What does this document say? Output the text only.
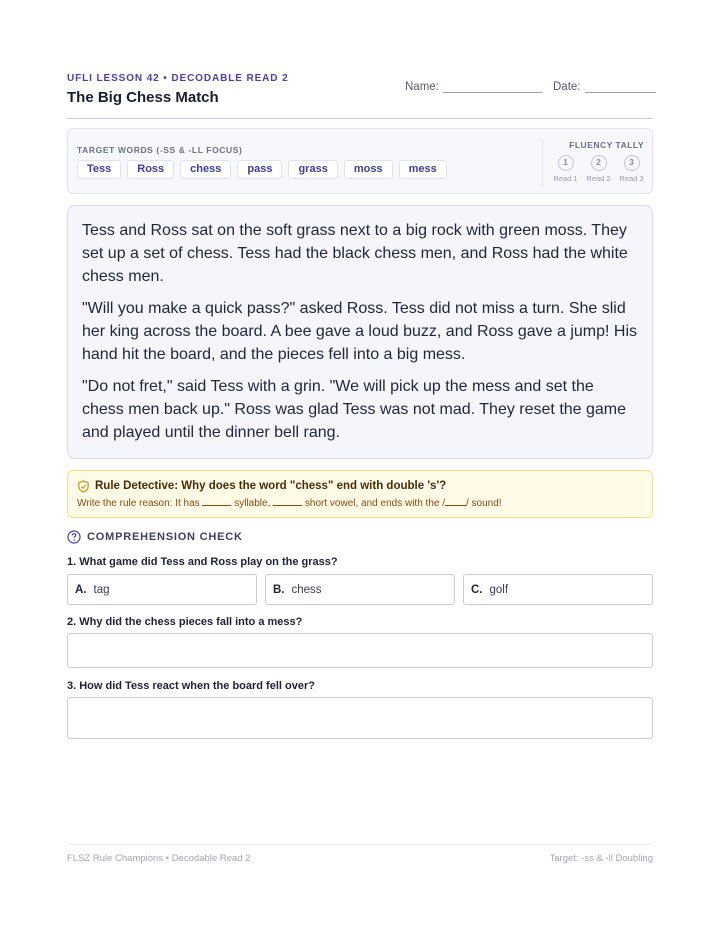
UFLI LESSON 42 • DECODABLE READ 2
The Big Chess Match
Name:	Date:
TARGET WORDS (-SS & -LL FOCUS)
Tess	Ross	chess	pass	grass	moss	mess
FLUENCY TALLY
1
Read 1
2
Read 2
3
Read 3

Tess and Ross sat on the soft grass next to a big rock with green moss. They set up a set of chess. Tess had the black chess men, and Ross had the white chess men.

"Will you make a quick pass?" asked Ross. Tess did not miss a turn. She slid her king across the board. A bee gave a loud buzz, and Ross gave a jump! His hand hit the board, and the pieces fell into a big mess.

"Do not fret," said Tess with a grin. "We will pick up the mess and set the chess men back up." Ross was glad Tess was not mad. They reset the game and played until the dinner bell rang.

Rule Detective: Why does the word "chess" end with double 's'?
Write the rule reason: It has	syllable,	short vowel, and ends with the / / sound!
COMPREHENSION CHECK
1. What game did Tess and Ross play on the grass?
A. tag	B. chess	C. golf
2. Why did the chess pieces fall into a mess?
3. How did Tess react when the board fell over?
FLSZ Rule Champions • Decodable Read 2	Target: -ss & -ll Doubling
